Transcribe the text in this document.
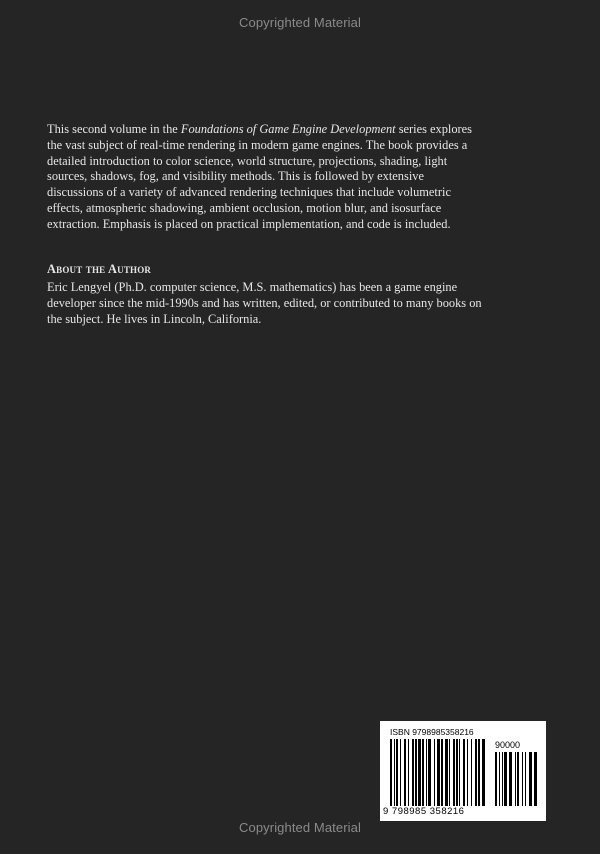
Copyrighted Material

This second volume in the Foundations of Game Engine Development series explores the vast subject of real-time rendering in modern game engines. The book provides a detailed introduction to color science, world structure, projections, shading, light sources, shadows, fog, and visibility methods. This is followed by extensive discussions of a variety of advanced rendering techniques that include volumetric effects, atmospheric shadowing, ambient occlusion, motion blur, and isosurface extraction. Emphasis is placed on practical implementation, and code is included.

About the Author

Eric Lengyel (Ph.D. computer science, M.S. mathematics) has been a game engine developer since the mid-1990s and has written, edited, or contributed to many books on the subject. He lives in Lincoln, California.

ISBN 9798985358216
90000
9 798985 358216
Copyrighted Material
